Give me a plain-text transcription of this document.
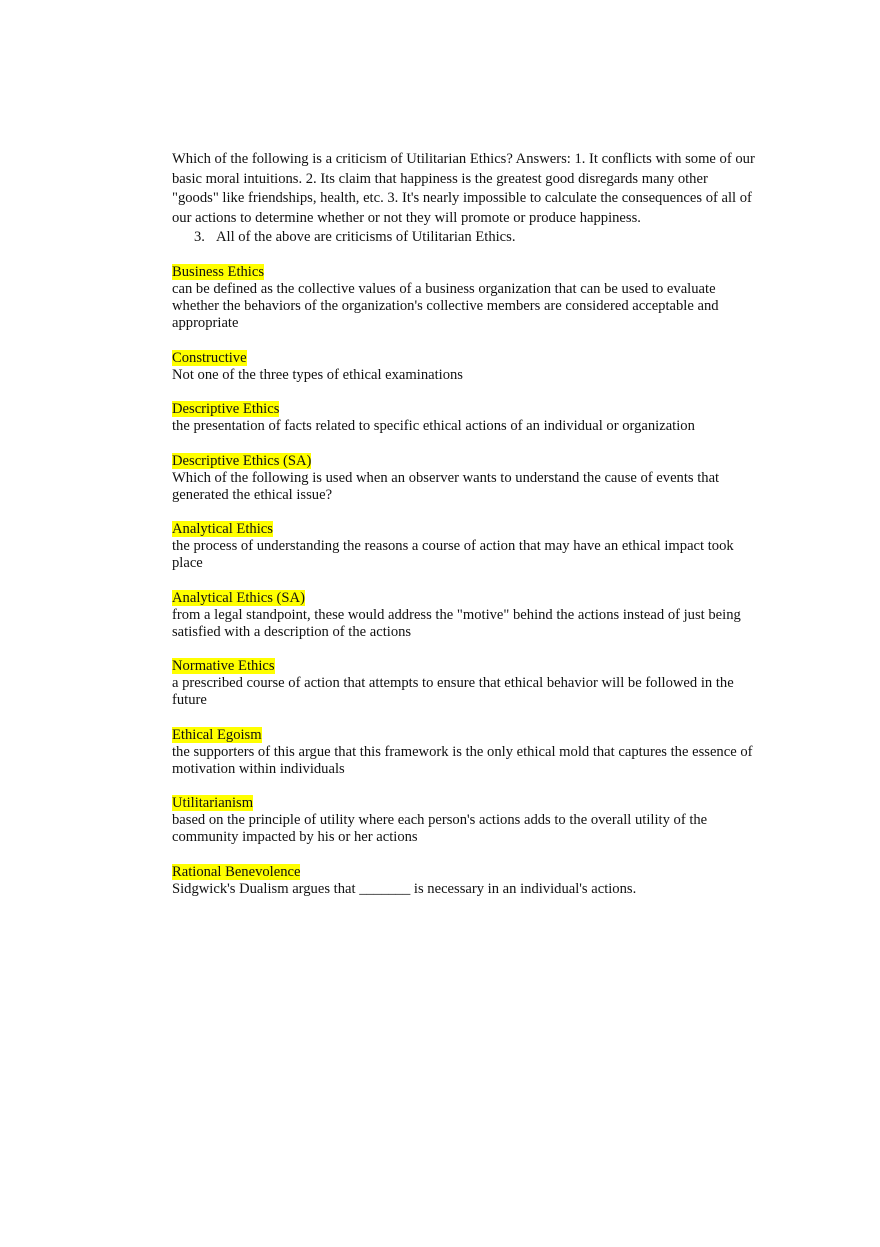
Which of the following is a criticism of Utilitarian Ethics? Answers: 1. It conflicts with some of our basic moral intuitions. 2. Its claim that happiness is the greatest good disregards many other "goods" like friendships, health, etc. 3. It's nearly impossible to calculate the consequences of all of our actions to determine whether or not they will promote or produce happiness.
3. All of the above are criticisms of Utilitarian Ethics.
Business Ethics
can be defined as the collective values of a business organization that can be used to evaluate whether the behaviors of the organization's collective members are considered acceptable and appropriate
Constructive
Not one of the three types of ethical examinations
Descriptive Ethics
the presentation of facts related to specific ethical actions of an individual or organization
Descriptive Ethics (SA)
Which of the following is used when an observer wants to understand the cause of events that generated the ethical issue?
Analytical Ethics
the process of understanding the reasons a course of action that may have an ethical impact took place
Analytical Ethics (SA)
from a legal standpoint, these would address the "motive" behind the actions instead of just being satisfied with a description of the actions
Normative Ethics
a prescribed course of action that attempts to ensure that ethical behavior will be followed in the future
Ethical Egoism
the supporters of this argue that this framework is the only ethical mold that captures the essence of motivation within individuals
Utilitarianism
based on the principle of utility where each person's actions adds to the overall utility of the community impacted by his or her actions
Rational Benevolence
Sidgwick's Dualism argues that _______ is necessary in an individual's actions.
